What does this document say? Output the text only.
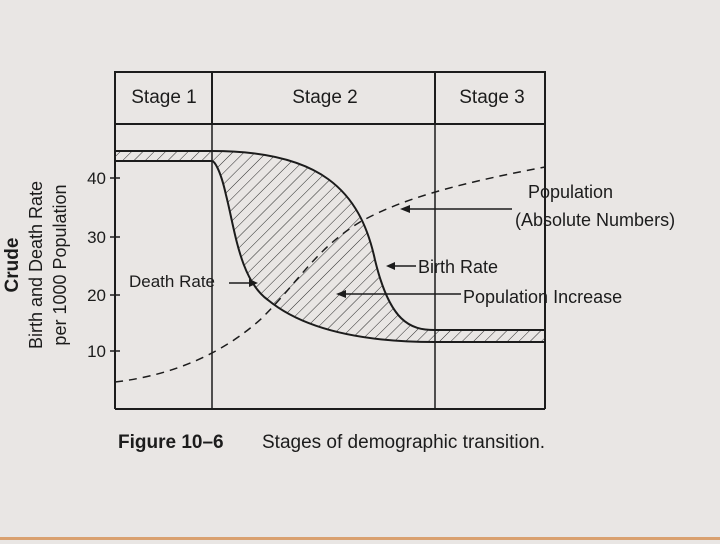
Stage 1	Stage 2	Stage 3
40
30
20
10
Crude Birth and Death Rate per 1000 Population	Death Rate
Birth Rate
Population Increase
Population
(Absolute Numbers)
Figure 10–6 Stages of demographic transition.
